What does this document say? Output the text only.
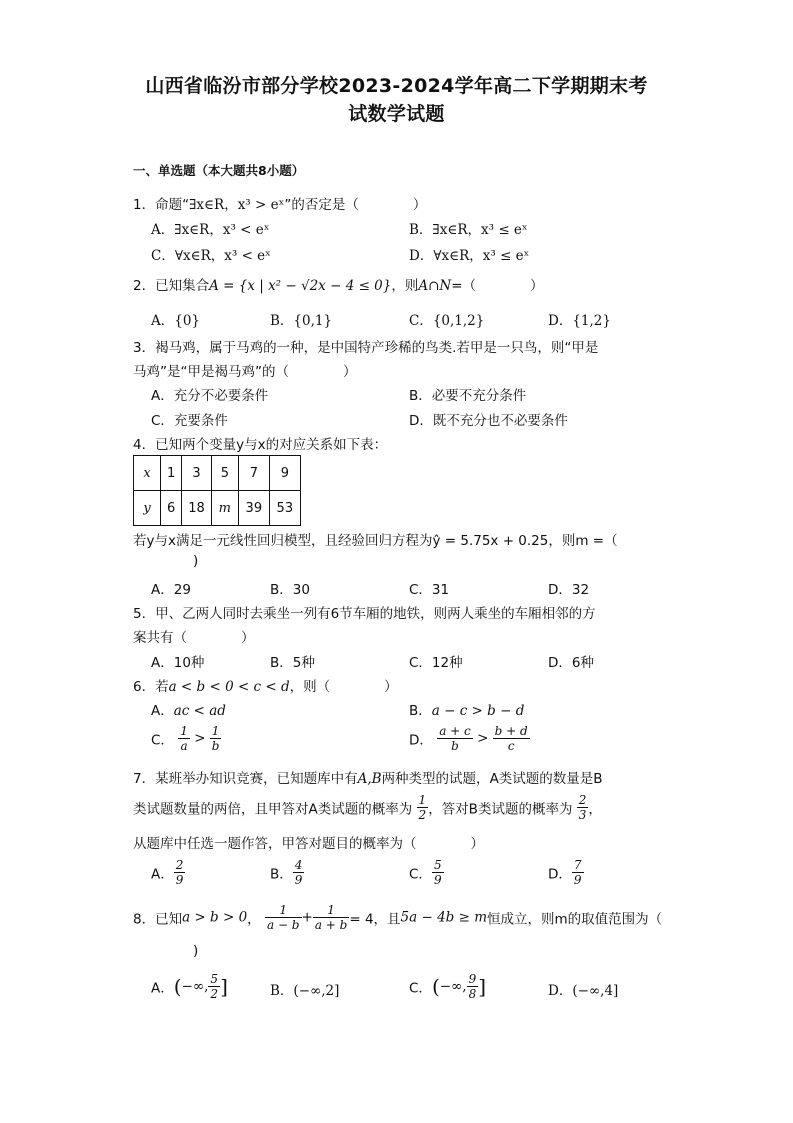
山西省临汾市部分学校2023-2024学年高二下学期期末考
试数学试题
一、单选题（本大题共8小题）
1．命题“∃x∈R，x³ > eˣ”的否定是（　　　　）
A．∃x∈R，x³ < eˣ	B．∃x∈R，x³ ≤ eˣ
C．∀x∈R，x³ < eˣ	D．∀x∈R，x³ ≤ eˣ
2．已知集合A = {x | x² − √2x − 4 ≤ 0}，则A∩N=（　　　　）
A．{0}	B．{0,1}	C．{0,1,2}	D．{1,2}
3．褐马鸡，属于马鸡的一种，是中国特产珍稀的鸟类.若甲是一只鸟，则“甲是
马鸡”是“甲是褐马鸡”的（　　　　）
A．充分不必要条件	B．必要不充分条件
C．充要条件	D．既不充分也不必要条件
4．已知两个变量y与x的对应关系如下表：
x	1	3	5	7	9
y	6	18	m	39	53
若y与x满足一元线性回归模型，且经验回归方程为ŷ = 5.75x + 0.25，则m =（
)
A．29	B．30	C．31	D．32
5．甲、乙两人同时去乘坐一列有6节车厢的地铁，则两人乘坐的车厢相邻的方
案共有（　　　　）
A．10种	B．5种	C．12种	D．6种
6．若a < b < 0 < c < d，则（　　　　）
A．ac < ad	B．a − c > b − d
C． $\frac{1}{a} > \frac{1}{b}$	D． $\frac{a + c}{b} > \frac{b + d}{c}$
7．某班举办知识竞赛，已知题库中有A,B两种类型的试题，A类试题的数量是B
类试题数量的两倍，且甲答对A类试题的概率为 $\frac{1}{2}$ ，答对B类试题的概率为 $\frac{2}{3}$ ，
从题库中任选一题作答，甲答对题目的概率为（　　　　）
A． $\frac{2}{9}$	B． $\frac{4}{9}$	C． $\frac{5}{9}$	D． $\frac{7}{9}$
8．已知a > b > 0， $\frac{1}{a - b} + \frac{1}{a + b} = 4$，且5a − 4b ≥ m恒成立，则m的取值范围为（
)
A．(−∞, $\frac{5}{2}$ ]	B．(−∞,2]	C．(−∞, $\frac{9}{8}$ ]	D．(−∞,4]
